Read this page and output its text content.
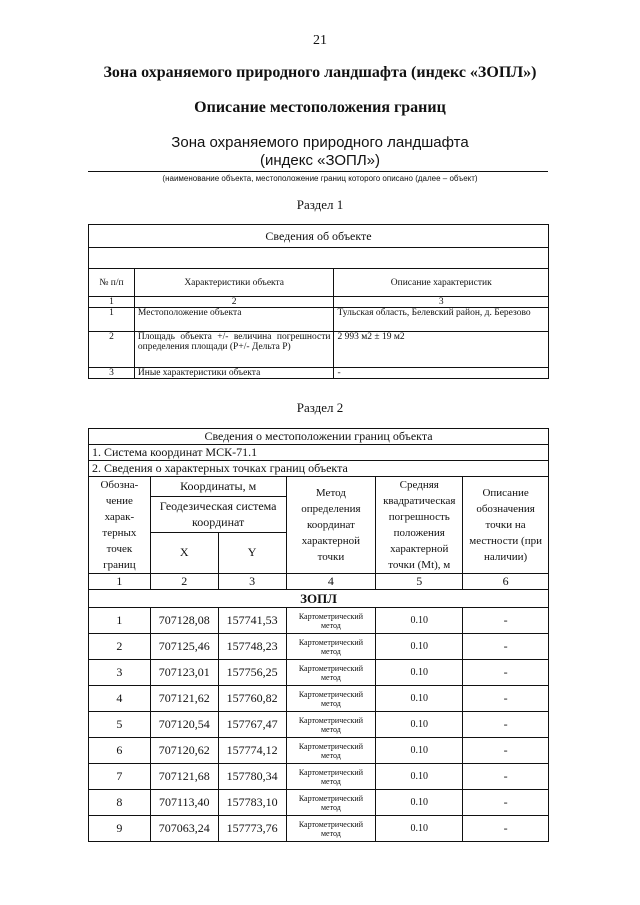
21
Зона охраняемого природного ландшафта (индекс «ЗОПЛ»)
Описание местоположения границ
Зона охраняемого природного ландшафта
(индекс «ЗОПЛ»)
(наименование объекта, местоположение границ которого описано (далее – объект)
Раздел 1
Сведения об объекте		

№ п/п	Характеристики объекта	Описание характеристик
1	2	3
1	Местоположение объекта	Тульская область, Белевский район, д. Березово
2	Площадь объекта +/- величина погрешности определения площади (Р+/- Дельта Р)	2 993 м2 ± 19 м2
3	Иные характеристики объекта	-
Раздел 2
Сведения о местоположении границ объекта					
1. Система координат МСК-71.1					
2. Сведения о характерных точках границ объекта					
Обозна-чение харак-терных точек границ	Координаты, м		Метод определения координат характерной точки	Средняя квадратическая погрешность положения характерной точки (Mt), м	Описание обозначения точки на местности (при наличии)
	Геодезическая система координат				
	X	Y			
1	2	3	4	5	6
ЗОПЛ					
1	707128,08	157741,53	Картометрический метод	0.10	-
2	707125,46	157748,23	Картометрический метод	0.10	-
3	707123,01	157756,25	Картометрический метод	0.10	-
4	707121,62	157760,82	Картометрический метод	0.10	-
5	707120,54	157767,47	Картометрический метод	0.10	-
6	707120,62	157774,12	Картометрический метод	0.10	-
7	707121,68	157780,34	Картометрический метод	0.10	-
8	707113,40	157783,10	Картометрический метод	0.10	-
9	707063,24	157773,76	Картометрический метод	0.10	-
